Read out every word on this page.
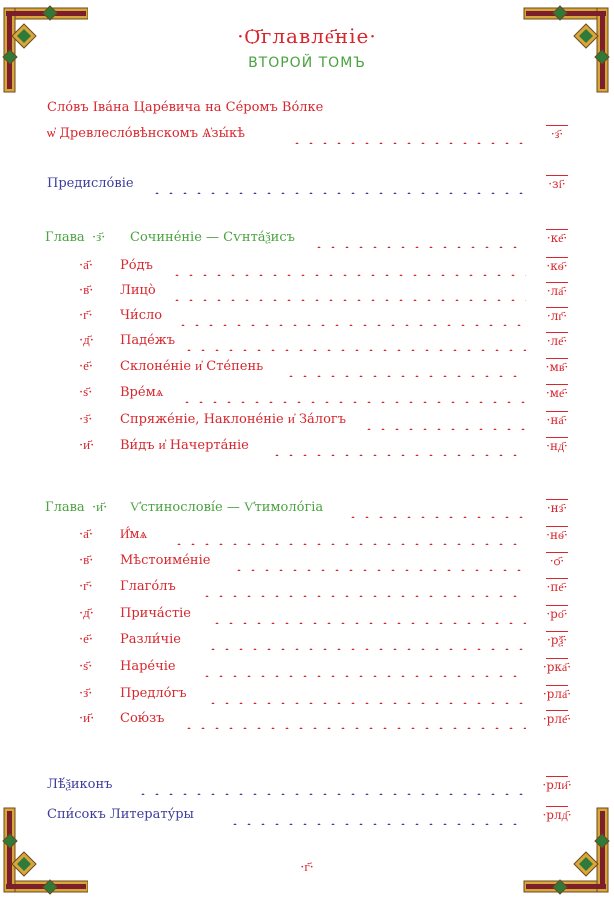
·Ѻ҃главле҃ніе·
ВТОРОЙ ТОМЪ
Сло́въ Іва́на Царе́вича на Се́ромъ Во́лке
ѡ҆ Древлесло́вѣнскомъ Ѧ҆зы́кѣ	·з҃·
Предисло́віе	·зі҃·
Глава ·з҃· Сочине́ніе — Сѵнта́ѯисъ	·ке҃·
·а҃· Ро́дъ	·кѳ҃·
·в҃· Лицо̀	·ла҃·
·г҃· Чи́сло	·лг҃·
·д҃· Паде́жъ	·ле҃·
·е҃· Склоне́ніе и҆ Сте́пень	·мв҃·
·ѕ҃· Вре́мѧ	·ме҃·
·з҃· Спряже́ніе, Наклоне́ніе и҆ За́логъ	·на҃·
·и҃· Ви́дъ и҆ Начерта́ніе	·нд҃·
Глава ·и҃· Ѵ҆стинослові́е — Ѵ҆тимоло́гіа	·нз҃·
·а҃· И҆́мѧ	·нѳ҃·
·в҃· Мѣстоиме́ніе	·ѻ҃·
·г҃· Глаго́лъ	·пе҃·
·д҃· Прича́стіе	·ро҃·
·е҃· Разли́чіе	·рѯ҃·
·ѕ҃· Наре́чіе	·рка҃·
·з҃· Предло́гъ	·рла҃·
·и҃· Сою́зъ	·рле҃·
Лѣ́ѯиконъ	·рли҃·
Спи́сокъ Литерату́ры	·рлд҃·
·г҃·
